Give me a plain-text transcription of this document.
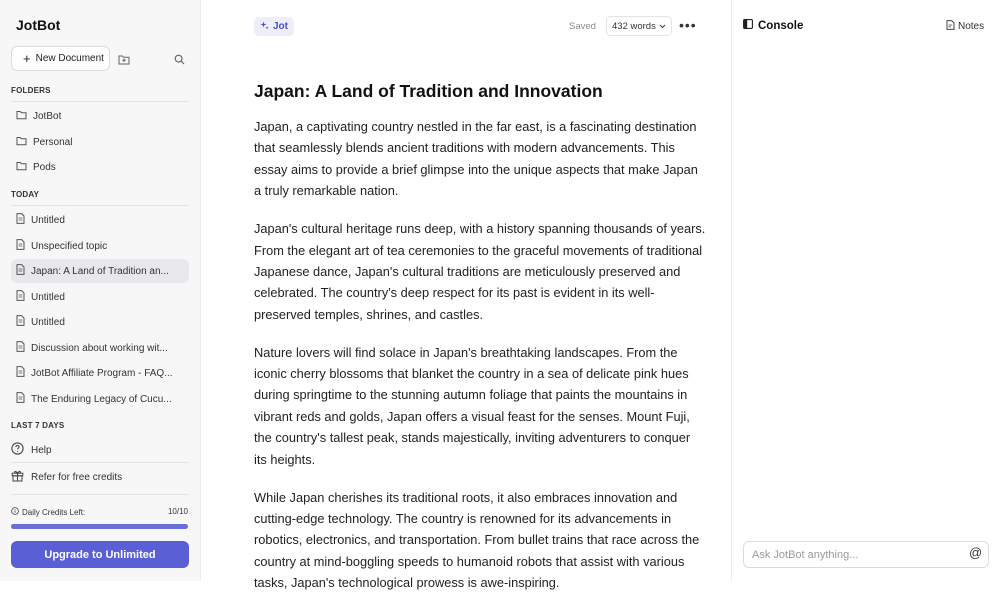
JotBot
+ New Document
FOLDERS
JotBot
Personal
Pods
TODAY
Untitled
Unspecified topic
Japan: A Land of Tradition an...
Untitled
Untitled
Discussion about working wit...
JotBot Affiliate Program - FAQ...
The Enduring Legacy of Cucu...
LAST 7 DAYS
Help
Refer for free credits
Daily Credits Left:	10/10
Upgrade to Unlimited
Jot	Saved 432 words •••
Japan: A Land of Tradition and Innovation

Japan, a captivating country nestled in the far east, is a fascinating destination that seamlessly blends ancient traditions with modern advancements. This essay aims to provide a brief glimpse into the unique aspects that make Japan a truly remarkable nation.

Japan's cultural heritage runs deep, with a history spanning thousands of years. From the elegant art of tea ceremonies to the graceful movements of traditional Japanese dance, Japan's cultural traditions are meticulously preserved and celebrated. The country's deep respect for its past is evident in its well-preserved temples, shrines, and castles.

Nature lovers will find solace in Japan's breathtaking landscapes. From the iconic cherry blossoms that blanket the country in a sea of delicate pink hues during springtime to the stunning autumn foliage that paints the mountains in vibrant reds and golds, Japan offers a visual feast for the senses. Mount Fuji, the country's tallest peak, stands majestically, inviting adventurers to conquer its heights.

While Japan cherishes its traditional roots, it also embraces innovation and cutting-edge technology. The country is renowned for its advancements in robotics, electronics, and transportation. From bullet trains that race across the country at mind-boggling speeds to humanoid robots that assist with various tasks, Japan's technological prowess is awe-inspiring.

Console	Notes
Ask JotBot anything...
@
